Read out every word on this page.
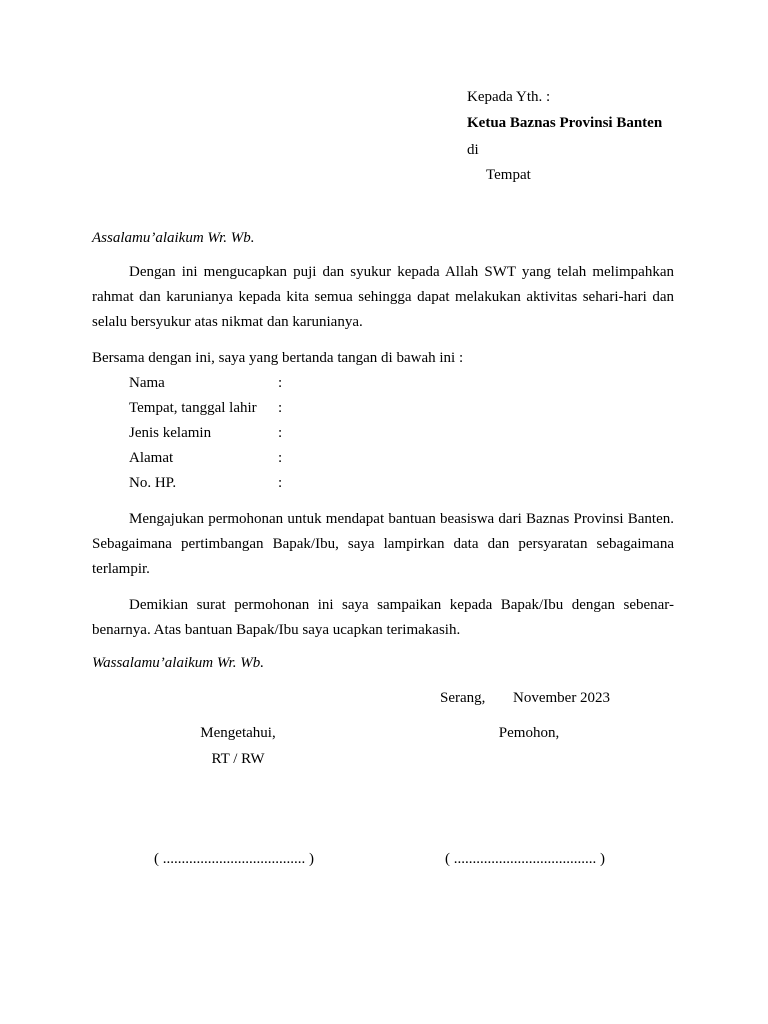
Kepada Yth. :
Ketua Baznas Provinsi Banten
di
Tempat
Assalamu’alaikum Wr. Wb.
Dengan ini mengucapkan puji dan syukur kepada Allah SWT yang telah melimpahkan rahmat dan karunianya kepada kita semua sehingga dapat melakukan aktivitas sehari-hari dan selalu bersyukur atas nikmat dan karunianya.
Bersama dengan ini, saya yang bertanda tangan di bawah ini :
Nama	:
Tempat, tanggal lahir :
Jenis kelamin	:
Alamat	:
No. HP.	:
Mengajukan permohonan untuk mendapat bantuan beasiswa dari Baznas Provinsi Banten. Sebagaimana pertimbangan Bapak/Ibu, saya lampirkan data dan persyaratan sebagaimana terlampir.
Demikian surat permohonan ini saya sampaikan kepada Bapak/Ibu dengan sebenar-benarnya. Atas bantuan Bapak/Ibu saya ucapkan terimakasih.
Wassalamu’alaikum Wr. Wb.
Serang, November 2023
Mengetahui,
RT / RW
Pemohon,
( ...................................... )	( ...................................... )
